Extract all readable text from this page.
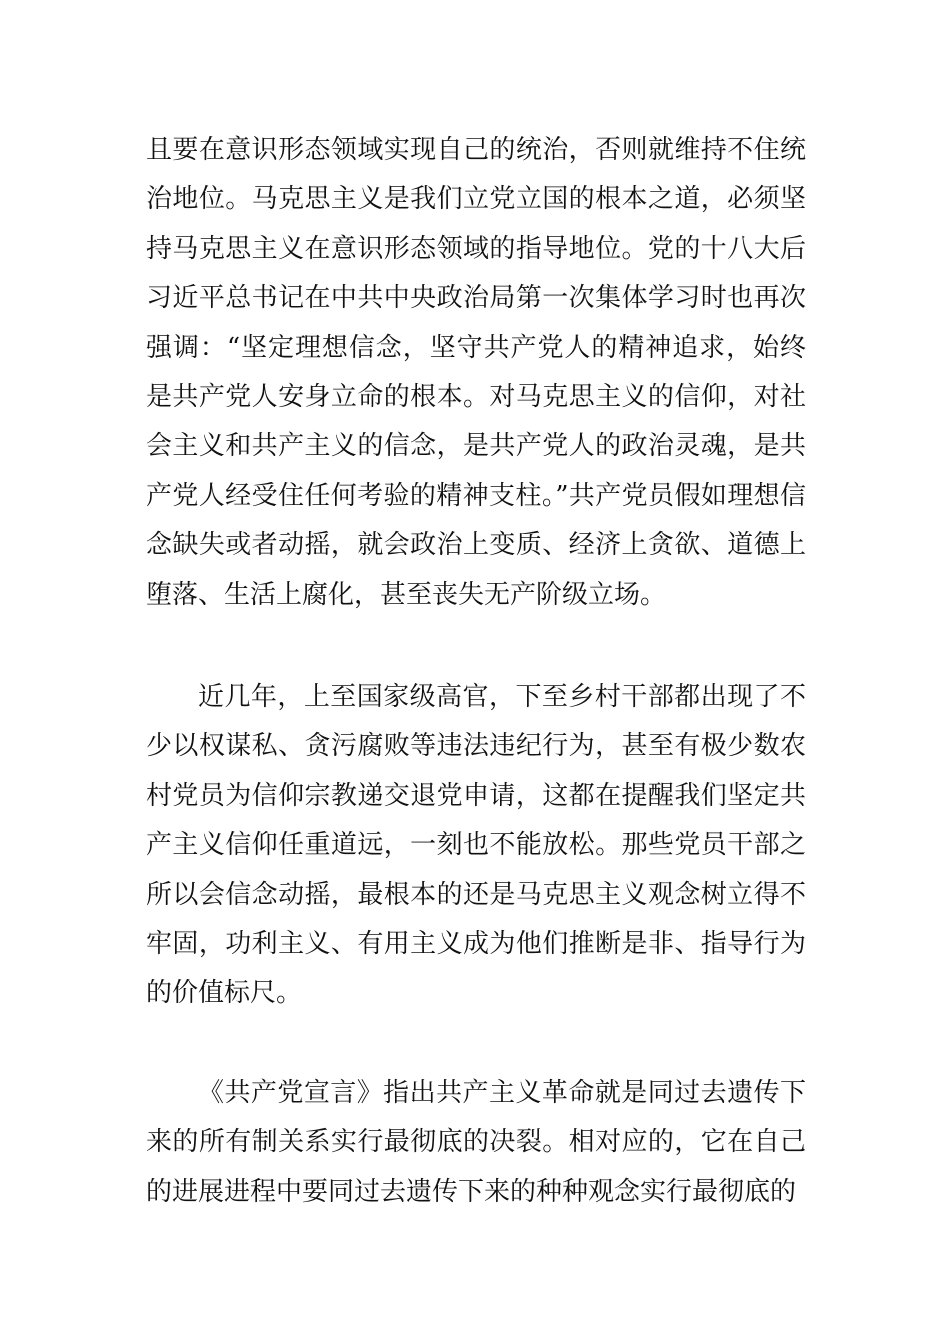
且要在意识形态领域实现自己的统治，否则就维持不住统治地位。马克思主义是我们立党立国的根本之道，必须坚持马克思主义在意识形态领域的指导地位。党的十八大后习近平总书记在中共中央政治局第一次集体学习时也再次强调：“坚定理想信念，坚守共产党人的精神追求，始终是共产党人安身立命的根本。对马克思主义的信仰，对社会主义和共产主义的信念，是共产党人的政治灵魂，是共产党人经受住任何考验的精神支柱。”共产党员假如理想信念缺失或者动摇，就会政治上变质、经济上贪欲、道德上堕落、生活上腐化，甚至丧失无产阶级立场。

近几年，上至国家级高官，下至乡村干部都出现了不少以权谋私、贪污腐败等违法违纪行为，甚至有极少数农村党员为信仰宗教递交退党申请，这都在提醒我们坚定共产主义信仰任重道远，一刻也不能放松。那些党员干部之所以会信念动摇，最根本的还是马克思主义观念树立得不牢固，功利主义、有用主义成为他们推断是非、指导行为的价值标尺。

《共产党宣言》指出共产主义革命就是同过去遗传下来的所有制关系实行最彻底的决裂。相对应的，它在自己的进展进程中要同过去遗传下来的种种观念实行最彻底的
